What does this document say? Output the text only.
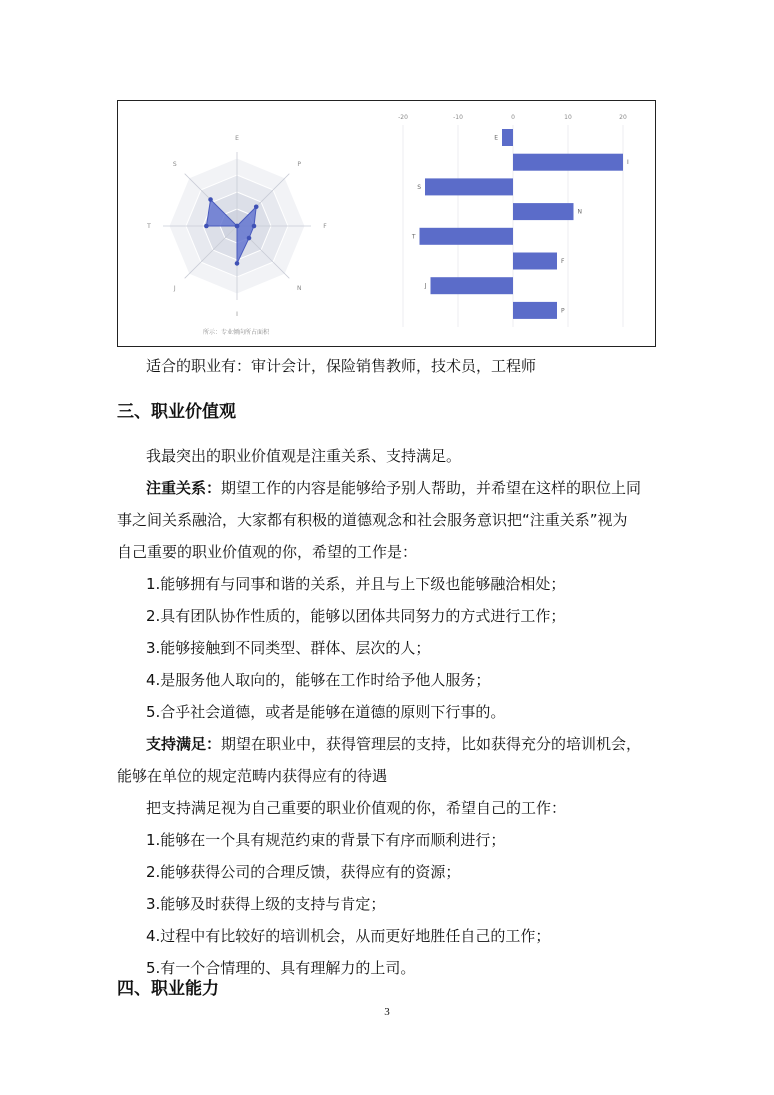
E
P
F
N
I
J
T
S
所示：专业倾向所占面积
-20	-10	0	10	20
E
I
S
N
T
F
J
P
适合的职业有：审计会计，保险销售教师，技术员，工程师
三、职业价值观
我最突出的职业价值观是注重关系、支持满足。
注重关系：期望工作的内容是能够给予别人帮助，并希望在这样的职位上同
事之间关系融洽，大家都有积极的道德观念和社会服务意识把“注重关系”视为
自己重要的职业价值观的你，希望的工作是：
1.能够拥有与同事和谐的关系，并且与上下级也能够融洽相处；
2.具有团队协作性质的，能够以团体共同努力的方式进行工作；
3.能够接触到不同类型、群体、层次的人；
4.是服务他人取向的，能够在工作时给予他人服务；
5.合乎社会道德，或者是能够在道德的原则下行事的。
支持满足：期望在职业中，获得管理层的支持，比如获得充分的培训机会，
能够在单位的规定范畴内获得应有的待遇
把支持满足视为自己重要的职业价值观的你，希望自己的工作：
1.能够在一个具有规范约束的背景下有序而顺利进行；
2.能够获得公司的合理反馈，获得应有的资源；
3.能够及时获得上级的支持与肯定；
4.过程中有比较好的培训机会，从而更好地胜任自己的工作；
5.有一个合情理的、具有理解力的上司。
四、职业能力
3
